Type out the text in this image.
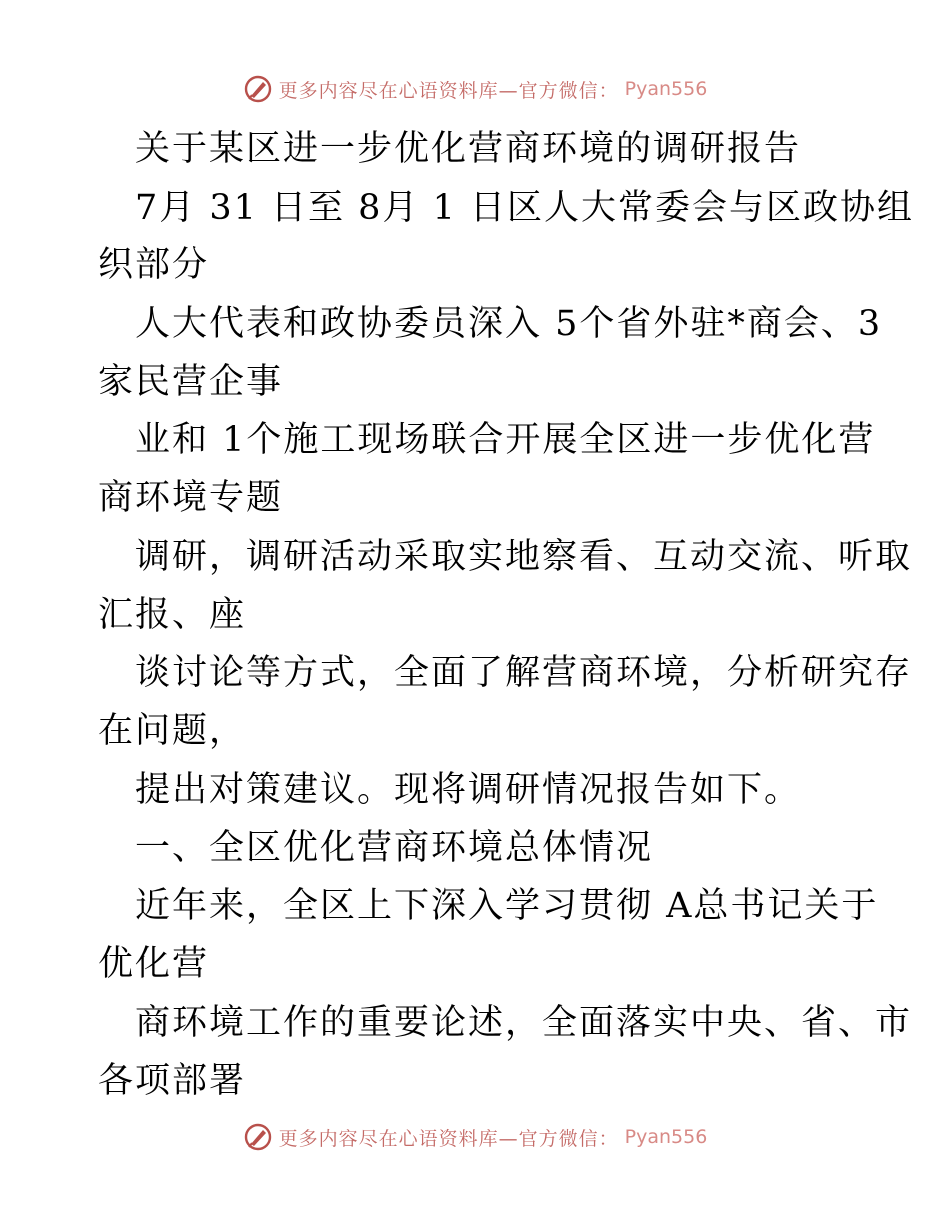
更多内容尽在心语资料库—官方微信： Pyan556
关于某区进一步优化营商环境的调研报告
7月 31 日至 8月 1 日区人大常委会与区政协组
织部分
人大代表和政协委员深入 5个省外驻*商会、3
家民营企事
业和 1个施工现场联合开展全区进一步优化营
商环境专题
调研，调研活动采取实地察看、互动交流、听取
汇报、座
谈讨论等方式，全面了解营商环境，分析研究存
在问题，
提出对策建议。现将调研情况报告如下。
一、全区优化营商环境总体情况
近年来，全区上下深入学习贯彻 A总书记关于
优化营
商环境工作的重要论述，全面落实中央、省、市
各项部署
更多内容尽在心语资料库—官方微信： Pyan556
